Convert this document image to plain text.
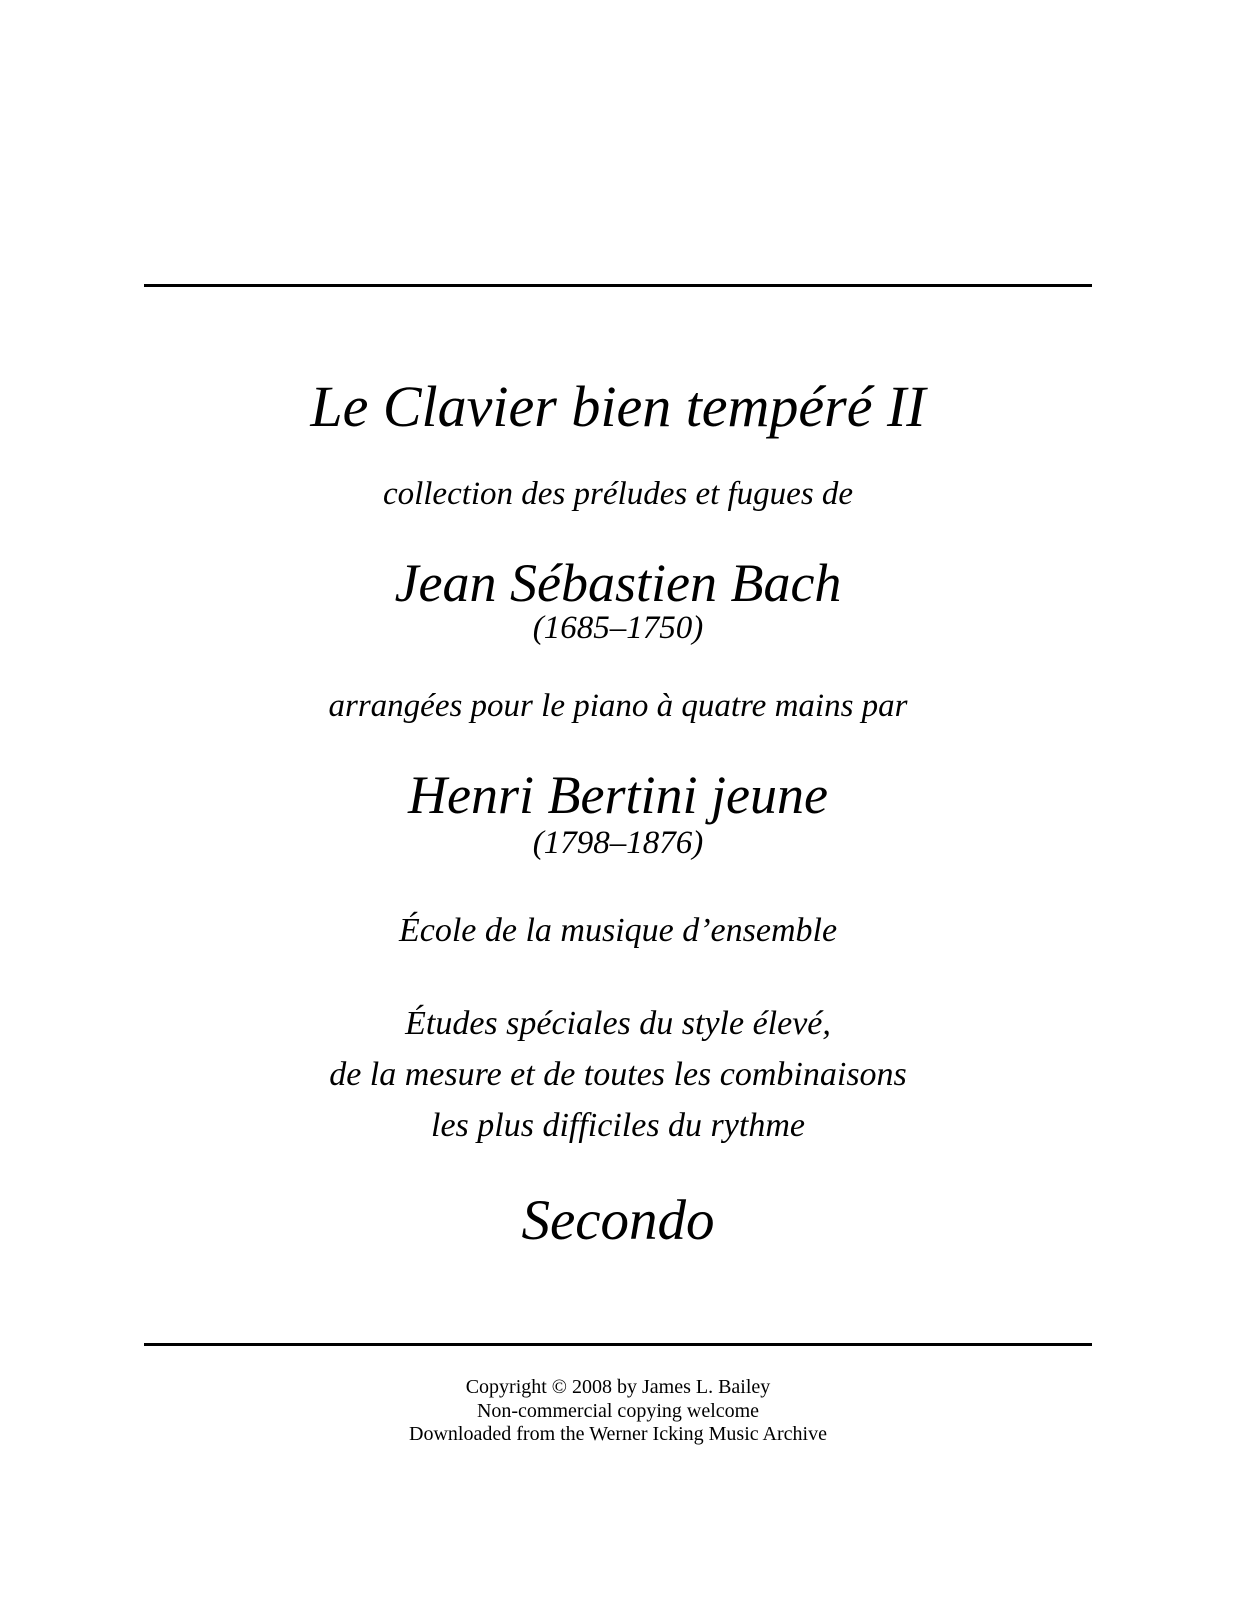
Le Clavier bien tempéré II
collection des préludes et fugues de
Jean Sébastien Bach
(1685–1750)
arrangées pour le piano à quatre mains par
Henri Bertini jeune
(1798–1876)
École de la musique d’ensemble
Études spéciales du style élevé,
de la mesure et de toutes les combinaisons
les plus difficiles du rythme
Secondo
Copyright © 2008 by James L. Bailey
Non-commercial copying welcome
Downloaded from the Werner Icking Music Archive
